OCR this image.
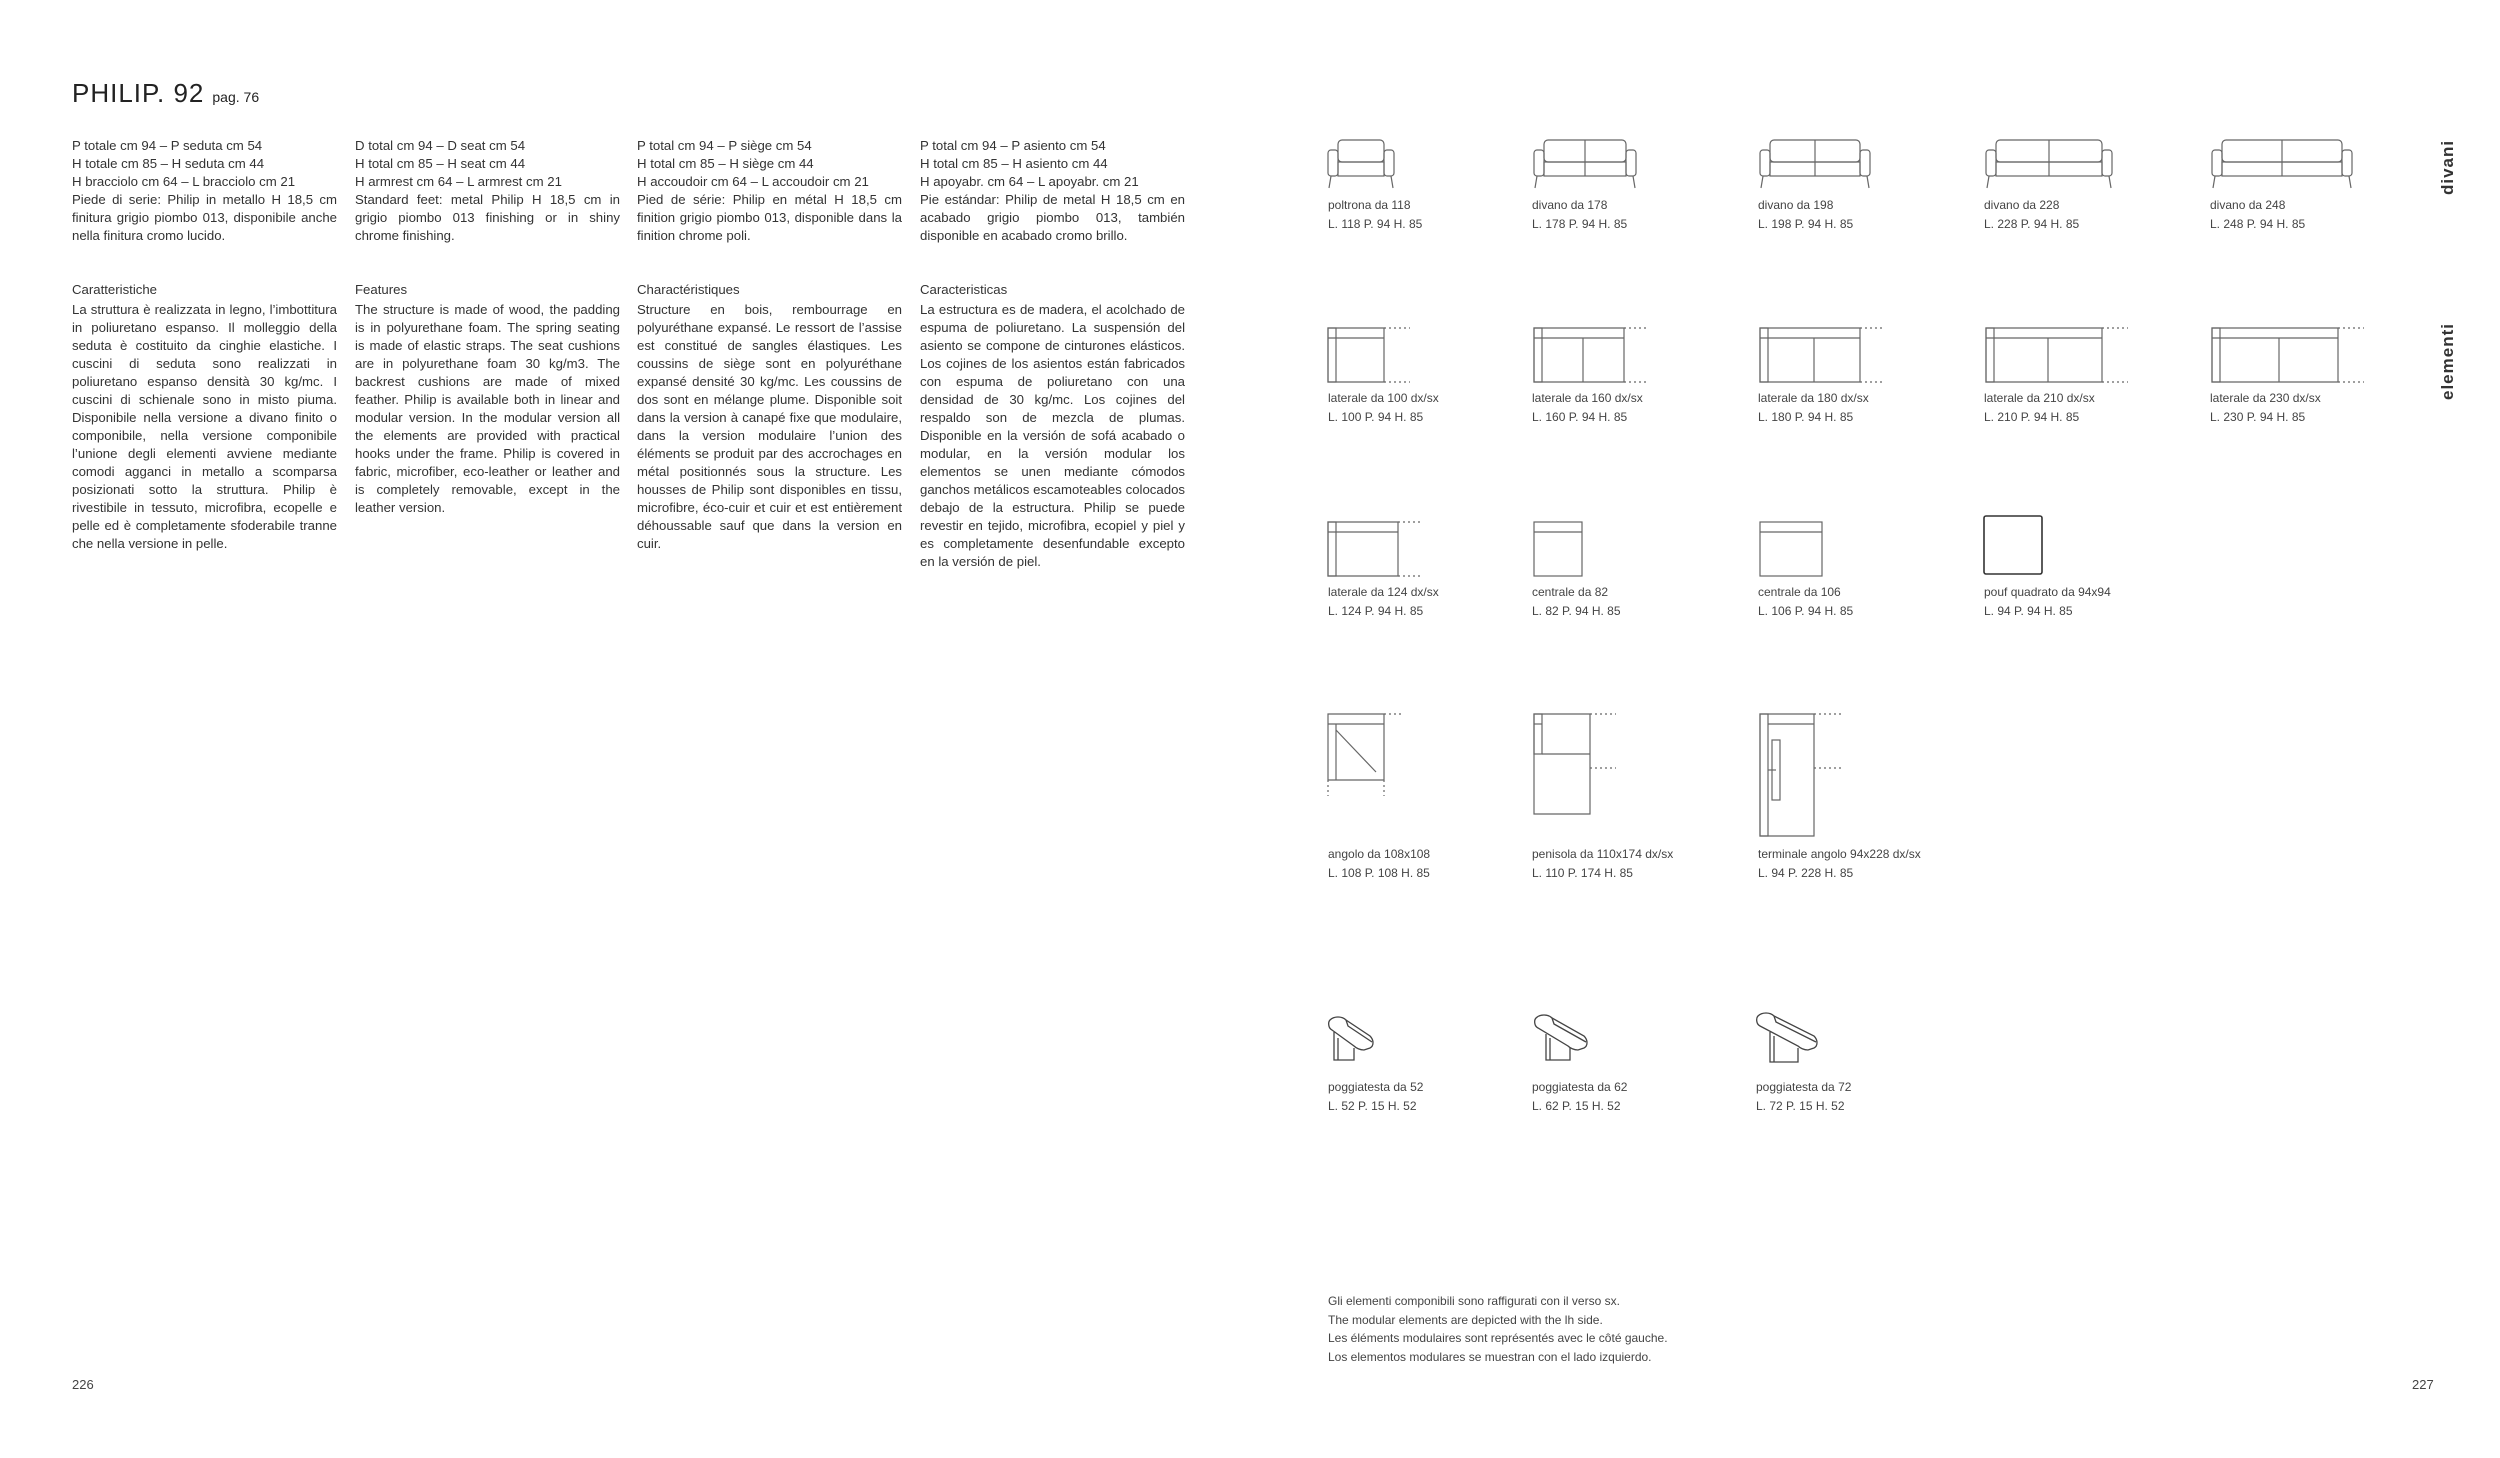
PHILIP. 92 pag. 76
P totale cm 94 – P seduta cm 54
H totale cm 85 – H seduta cm 44
H bracciolo cm 64 – L bracciolo cm 21

Piede di serie: Philip in metallo H 18,5 cm finitura grigio piombo 013, disponibile anche nella finitura cromo lucido.

Caratteristiche

La struttura è realizzata in legno, l’imbottitura in poliuretano espanso. Il molleggio della seduta è costituito da cinghie elastiche. I cuscini di seduta sono realizzati in poliuretano espanso densità 30 kg/mc. I cuscini di schienale sono in misto piuma. Disponibile nella versione a divano finito o componibile, nella versione componibile l’unione degli elementi avviene mediante comodi agganci in metallo a scomparsa posizionati sotto la struttura. Philip è rivestibile in tessuto, microfibra, ecopelle e pelle ed è completamente sfoderabile tranne che nella versione in pelle.

D total cm 94 – D seat cm 54
H total cm 85 – H seat cm 44
H armrest cm 64 – L armrest cm 21

Standard feet: metal Philip H 18,5 cm in grigio piombo 013 finishing or in shiny chrome finishing.

Features

The structure is made of wood, the padding is in polyurethane foam. The spring seating is made of elastic straps. The seat cushions are in polyurethane foam 30 kg/m3. The backrest cushions are made of mixed feather. Philip is available both in linear and modular version. In the modular version all the elements are provided with practical hooks under the frame. Philip is covered in fabric, microfiber, eco-leather or leather and is completely removable, except in the leather version.

P total cm 94 – P siège cm 54
H total cm 85 – H siège cm 44
H accoudoir cm 64 – L accoudoir cm 21

Pied de série: Philip en métal H 18,5 cm finition grigio piombo 013, disponible dans la finition chrome poli.

Charactéristiques

Structure en bois, rembourrage en polyuréthane expansé. Le ressort de l’assise est constitué de sangles élastiques. Les coussins de siège sont en polyuréthane expansé densité 30 kg/mc. Les coussins de dos sont en mélange plume. Disponible soit dans la version à canapé fixe que modulaire, dans la version modulaire l’union des éléments se produit par des accrochages en métal positionnés sous la structure. Les housses de Philip sont disponibles en tissu, microfibre, éco-cuir et cuir et est entièrement déhoussable sauf que dans la version en cuir.

P total cm 94 – P asiento cm 54
H total cm 85 – H asiento cm 44
H apoyabr. cm 64 – L apoyabr. cm 21

Pie estándar: Philip de metal H 18,5 cm en acabado grigio piombo 013, también disponible en acabado cromo brillo.

Caracteristicas

La estructura es de madera, el acolchado de espuma de poliuretano. La suspensión del asiento se compone de cinturones elásticos. Los cojines de los asientos están fabricados con espuma de poliuretano con una densidad de 30 kg/mc. Los cojines del respaldo son de mezcla de plumas. Disponible en la versión de sofá acabado o modular, en la versión modular los elementos se unen mediante cómodos ganchos metálicos escamoteables colocados debajo de la estructura. Philip se puede revestir en tejido, microfibra, ecopiel y piel y es completamente desenfundable excepto en la versión de piel.

divani
elementi
poltrona da 118
L. 118 P. 94 H. 85
divano da 178
L. 178 P. 94 H. 85
divano da 198
L. 198 P. 94 H. 85
divano da 228
L. 228 P. 94 H. 85
divano da 248
L. 248 P. 94 H. 85
laterale da 100 dx/sx
L. 100 P. 94 H. 85
laterale da 160 dx/sx
L. 160 P. 94 H. 85
laterale da 180 dx/sx
L. 180 P. 94 H. 85
laterale da 210 dx/sx
L. 210 P. 94 H. 85
laterale da 230 dx/sx
L. 230 P. 94 H. 85
laterale da 124 dx/sx
L. 124 P. 94 H. 85
centrale da 82
L. 82 P. 94 H. 85
centrale da 106
L. 106 P. 94 H. 85
pouf quadrato da 94x94
L. 94 P. 94 H. 85
angolo da 108x108
L. 108 P. 108 H. 85
penisola da 110x174 dx/sx
L. 110 P. 174 H. 85
terminale angolo 94x228 dx/sx
L. 94 P. 228 H. 85
poggiatesta da 52
L. 52 P. 15 H. 52
poggiatesta da 62
L. 62 P. 15 H. 52
poggiatesta da 72
L. 72 P. 15 H. 52
Gli elementi componibili sono raffigurati con il verso sx.
The modular elements are depicted with the lh side.
Les éléments modulaires sont représentés avec le côté gauche.
Los elementos modulares se muestran con el lado izquierdo.
226	227
